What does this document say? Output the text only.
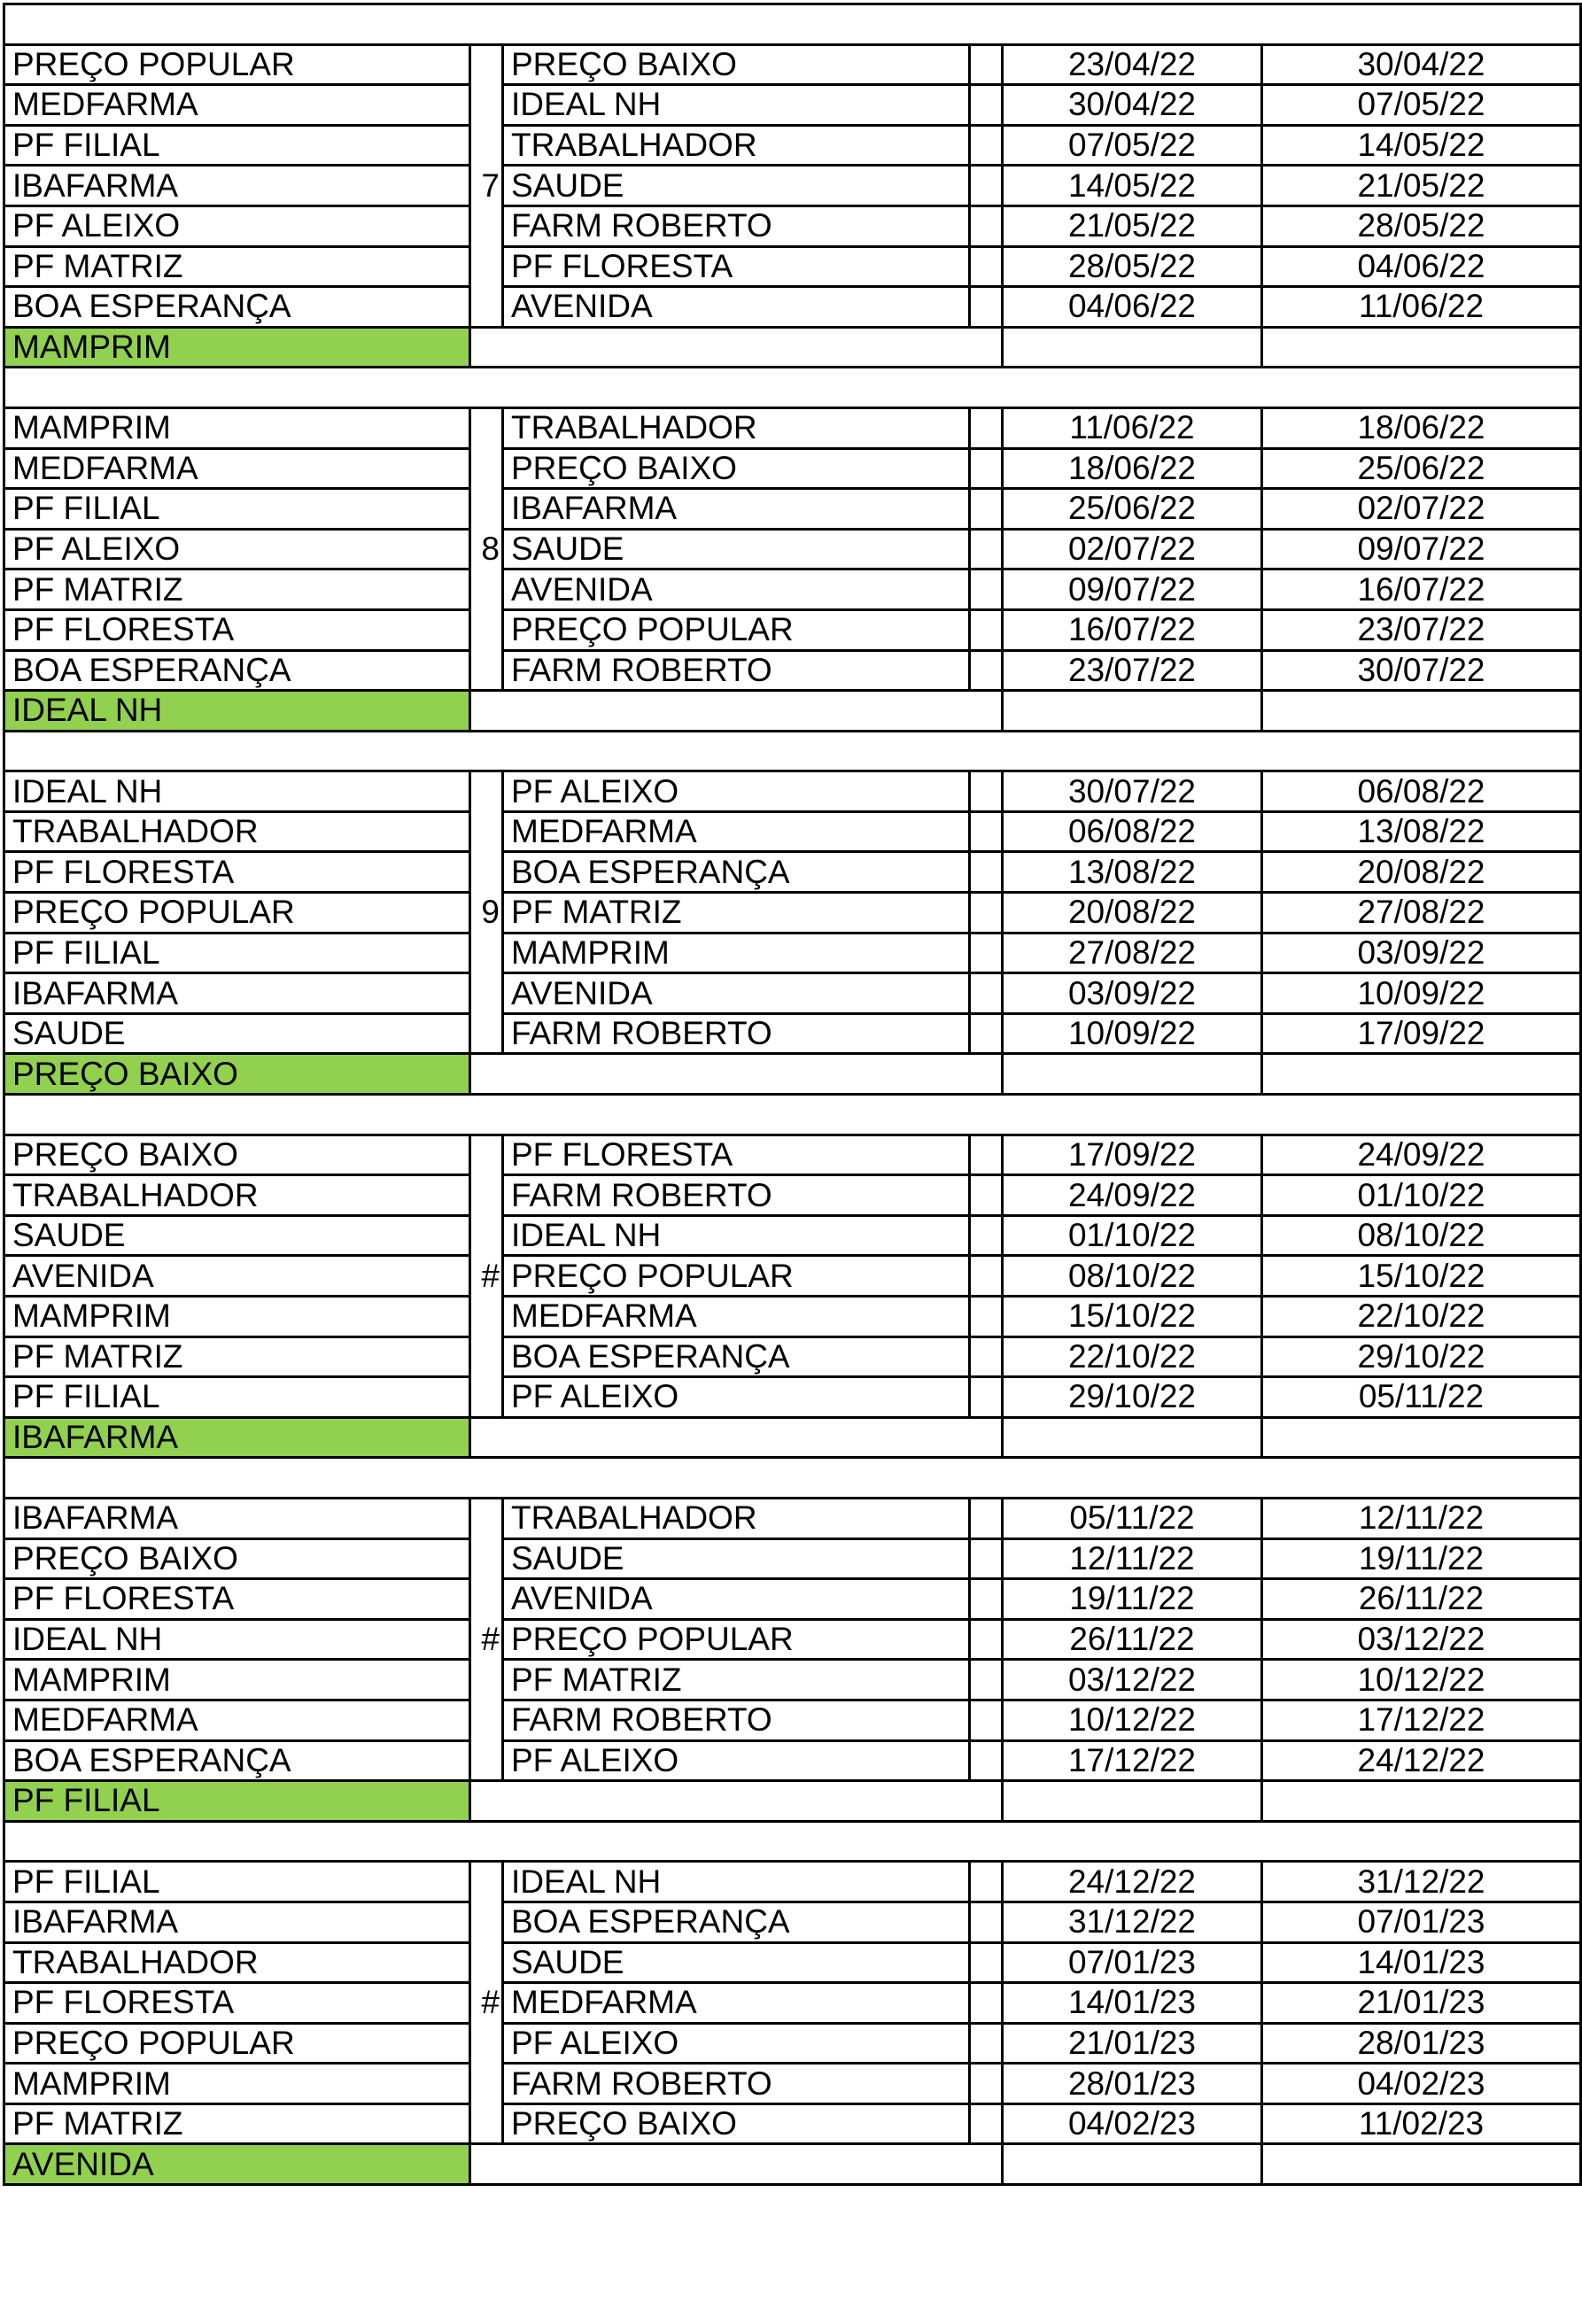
PREÇO POPULAR	7	PREÇO BAIXO		23/04/22	30/04/22
MEDFARMA		IDEAL NH		30/04/22	07/05/22
PF FILIAL		TRABALHADOR		07/05/22	14/05/22
IBAFARMA		SAUDE		14/05/22	21/05/22
PF ALEIXO		FARM ROBERTO		21/05/22	28/05/22
PF MATRIZ		PF FLORESTA		28/05/22	04/06/22
BOA ESPERANÇA		AVENIDA		04/06/22	11/06/22
MAMPRIM					

MAMPRIM	8	TRABALHADOR		11/06/22	18/06/22
MEDFARMA		PREÇO BAIXO		18/06/22	25/06/22
PF FILIAL		IBAFARMA		25/06/22	02/07/22
PF ALEIXO		SAUDE		02/07/22	09/07/22
PF MATRIZ		AVENIDA		09/07/22	16/07/22
PF FLORESTA		PREÇO POPULAR		16/07/22	23/07/22
BOA ESPERANÇA		FARM ROBERTO		23/07/22	30/07/22
IDEAL NH					

IDEAL NH	9	PF ALEIXO		30/07/22	06/08/22
TRABALHADOR		MEDFARMA		06/08/22	13/08/22
PF FLORESTA		BOA ESPERANÇA		13/08/22	20/08/22
PREÇO POPULAR		PF MATRIZ		20/08/22	27/08/22
PF FILIAL		MAMPRIM		27/08/22	03/09/22
IBAFARMA		AVENIDA		03/09/22	10/09/22
SAUDE		FARM ROBERTO		10/09/22	17/09/22
PREÇO BAIXO					

PREÇO BAIXO	#	PF FLORESTA		17/09/22	24/09/22
TRABALHADOR		FARM ROBERTO		24/09/22	01/10/22
SAUDE		IDEAL NH		01/10/22	08/10/22
AVENIDA		PREÇO POPULAR		08/10/22	15/10/22
MAMPRIM		MEDFARMA		15/10/22	22/10/22
PF MATRIZ		BOA ESPERANÇA		22/10/22	29/10/22
PF FILIAL		PF ALEIXO		29/10/22	05/11/22
IBAFARMA					

IBAFARMA	#	TRABALHADOR		05/11/22	12/11/22
PREÇO BAIXO		SAUDE		12/11/22	19/11/22
PF FLORESTA		AVENIDA		19/11/22	26/11/22
IDEAL NH		PREÇO POPULAR		26/11/22	03/12/22
MAMPRIM		PF MATRIZ		03/12/22	10/12/22
MEDFARMA		FARM ROBERTO		10/12/22	17/12/22
BOA ESPERANÇA		PF ALEIXO		17/12/22	24/12/22
PF FILIAL					

PF FILIAL	#	IDEAL NH		24/12/22	31/12/22
IBAFARMA		BOA ESPERANÇA		31/12/22	07/01/23
TRABALHADOR		SAUDE		07/01/23	14/01/23
PF FLORESTA		MEDFARMA		14/01/23	21/01/23
PREÇO POPULAR		PF ALEIXO		21/01/23	28/01/23
MAMPRIM		FARM ROBERTO		28/01/23	04/02/23
PF MATRIZ		PREÇO BAIXO		04/02/23	11/02/23
AVENIDA					
